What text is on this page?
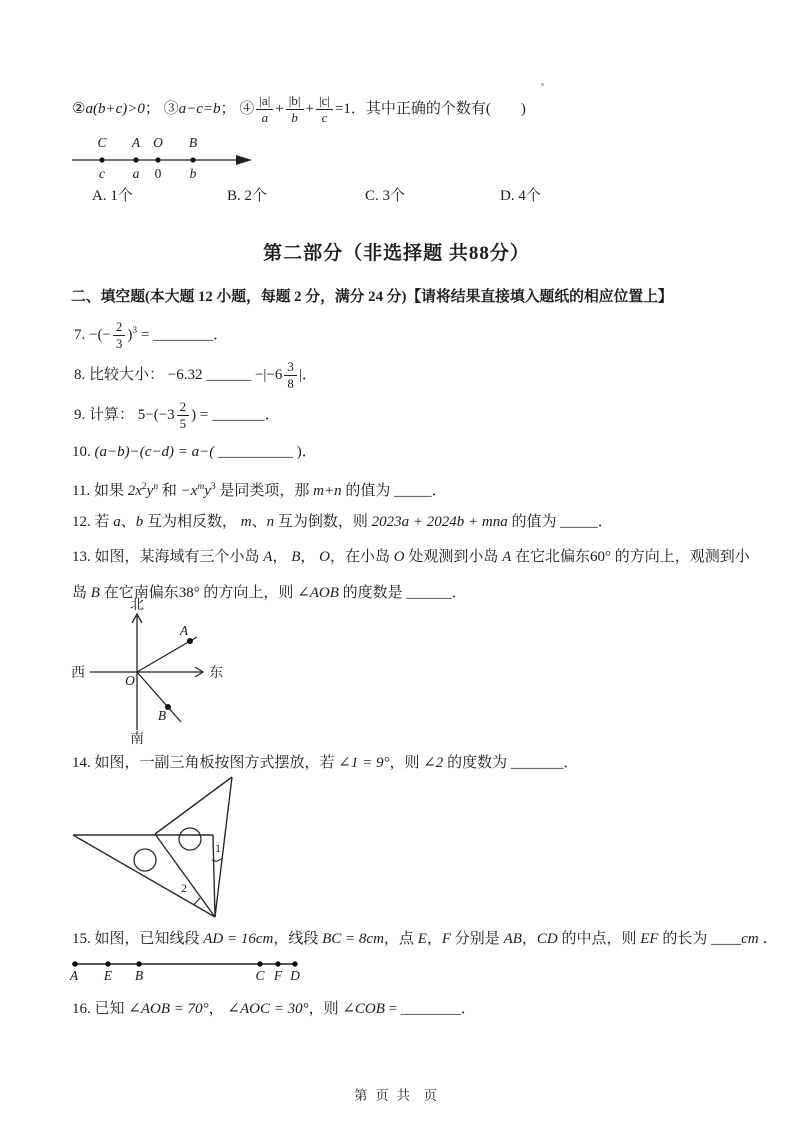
②a(b+c)>0； ③a−c=b； ④ $\frac{|a|}{a} + \frac{|b|}{b} + \frac{|c|}{c} =1$．其中正确的个数有(　　)
C A O B
c a 0 b
A. 1个	B. 2个	C. 3个	D. 4个
第二部分（非选择题 共88分）
二、填空题(本大题 12 小题，每题 2 分，满分 24 分)【请将结果直接填入题纸的相应位置上】
7. −(− $\frac{2}{3} )^3$ = ________．
8. 比较大小： −6.32 ______ $-|-6 \frac{3}{8}$ |．
9. 计算： $5-(-3 \frac{2}{5}$ ) = _______．
10. (a−b)−(c−d) = a−( __________ )．
11. 如果 $2x^2y^n$ 和 $-x^my^3$ 是同类项，那 m+n 的值为 _____．
12. 若 a、b 互为相反数， m、n 互为倒数，则 2023a + 2024b + mna 的值为 _____．
13. 如图，某海域有三个小岛 A， B， O，在小岛 O 处观测到小岛 A 在它北偏东60° 的方向上，观测到小
岛 B 在它南偏东38° 的方向上，则 ∠AOB 的度数是 ______．
北
南
西	东
O
A
B
14. 如图，一副三角板按图方式摆放，若 ∠1 = 9°，则 ∠2 的度数为 _______．
1
2
15. 如图，已知线段 AD = 16cm，线段 BC = 8cm，点 E，F 分别是 AB，CD 的中点，则 EF 的长为 ____cm ．
A E B	C F D
16. 已知 ∠AOB = 70°， ∠AOC = 30°，则 ∠COB = ________．
第 页 共  页
